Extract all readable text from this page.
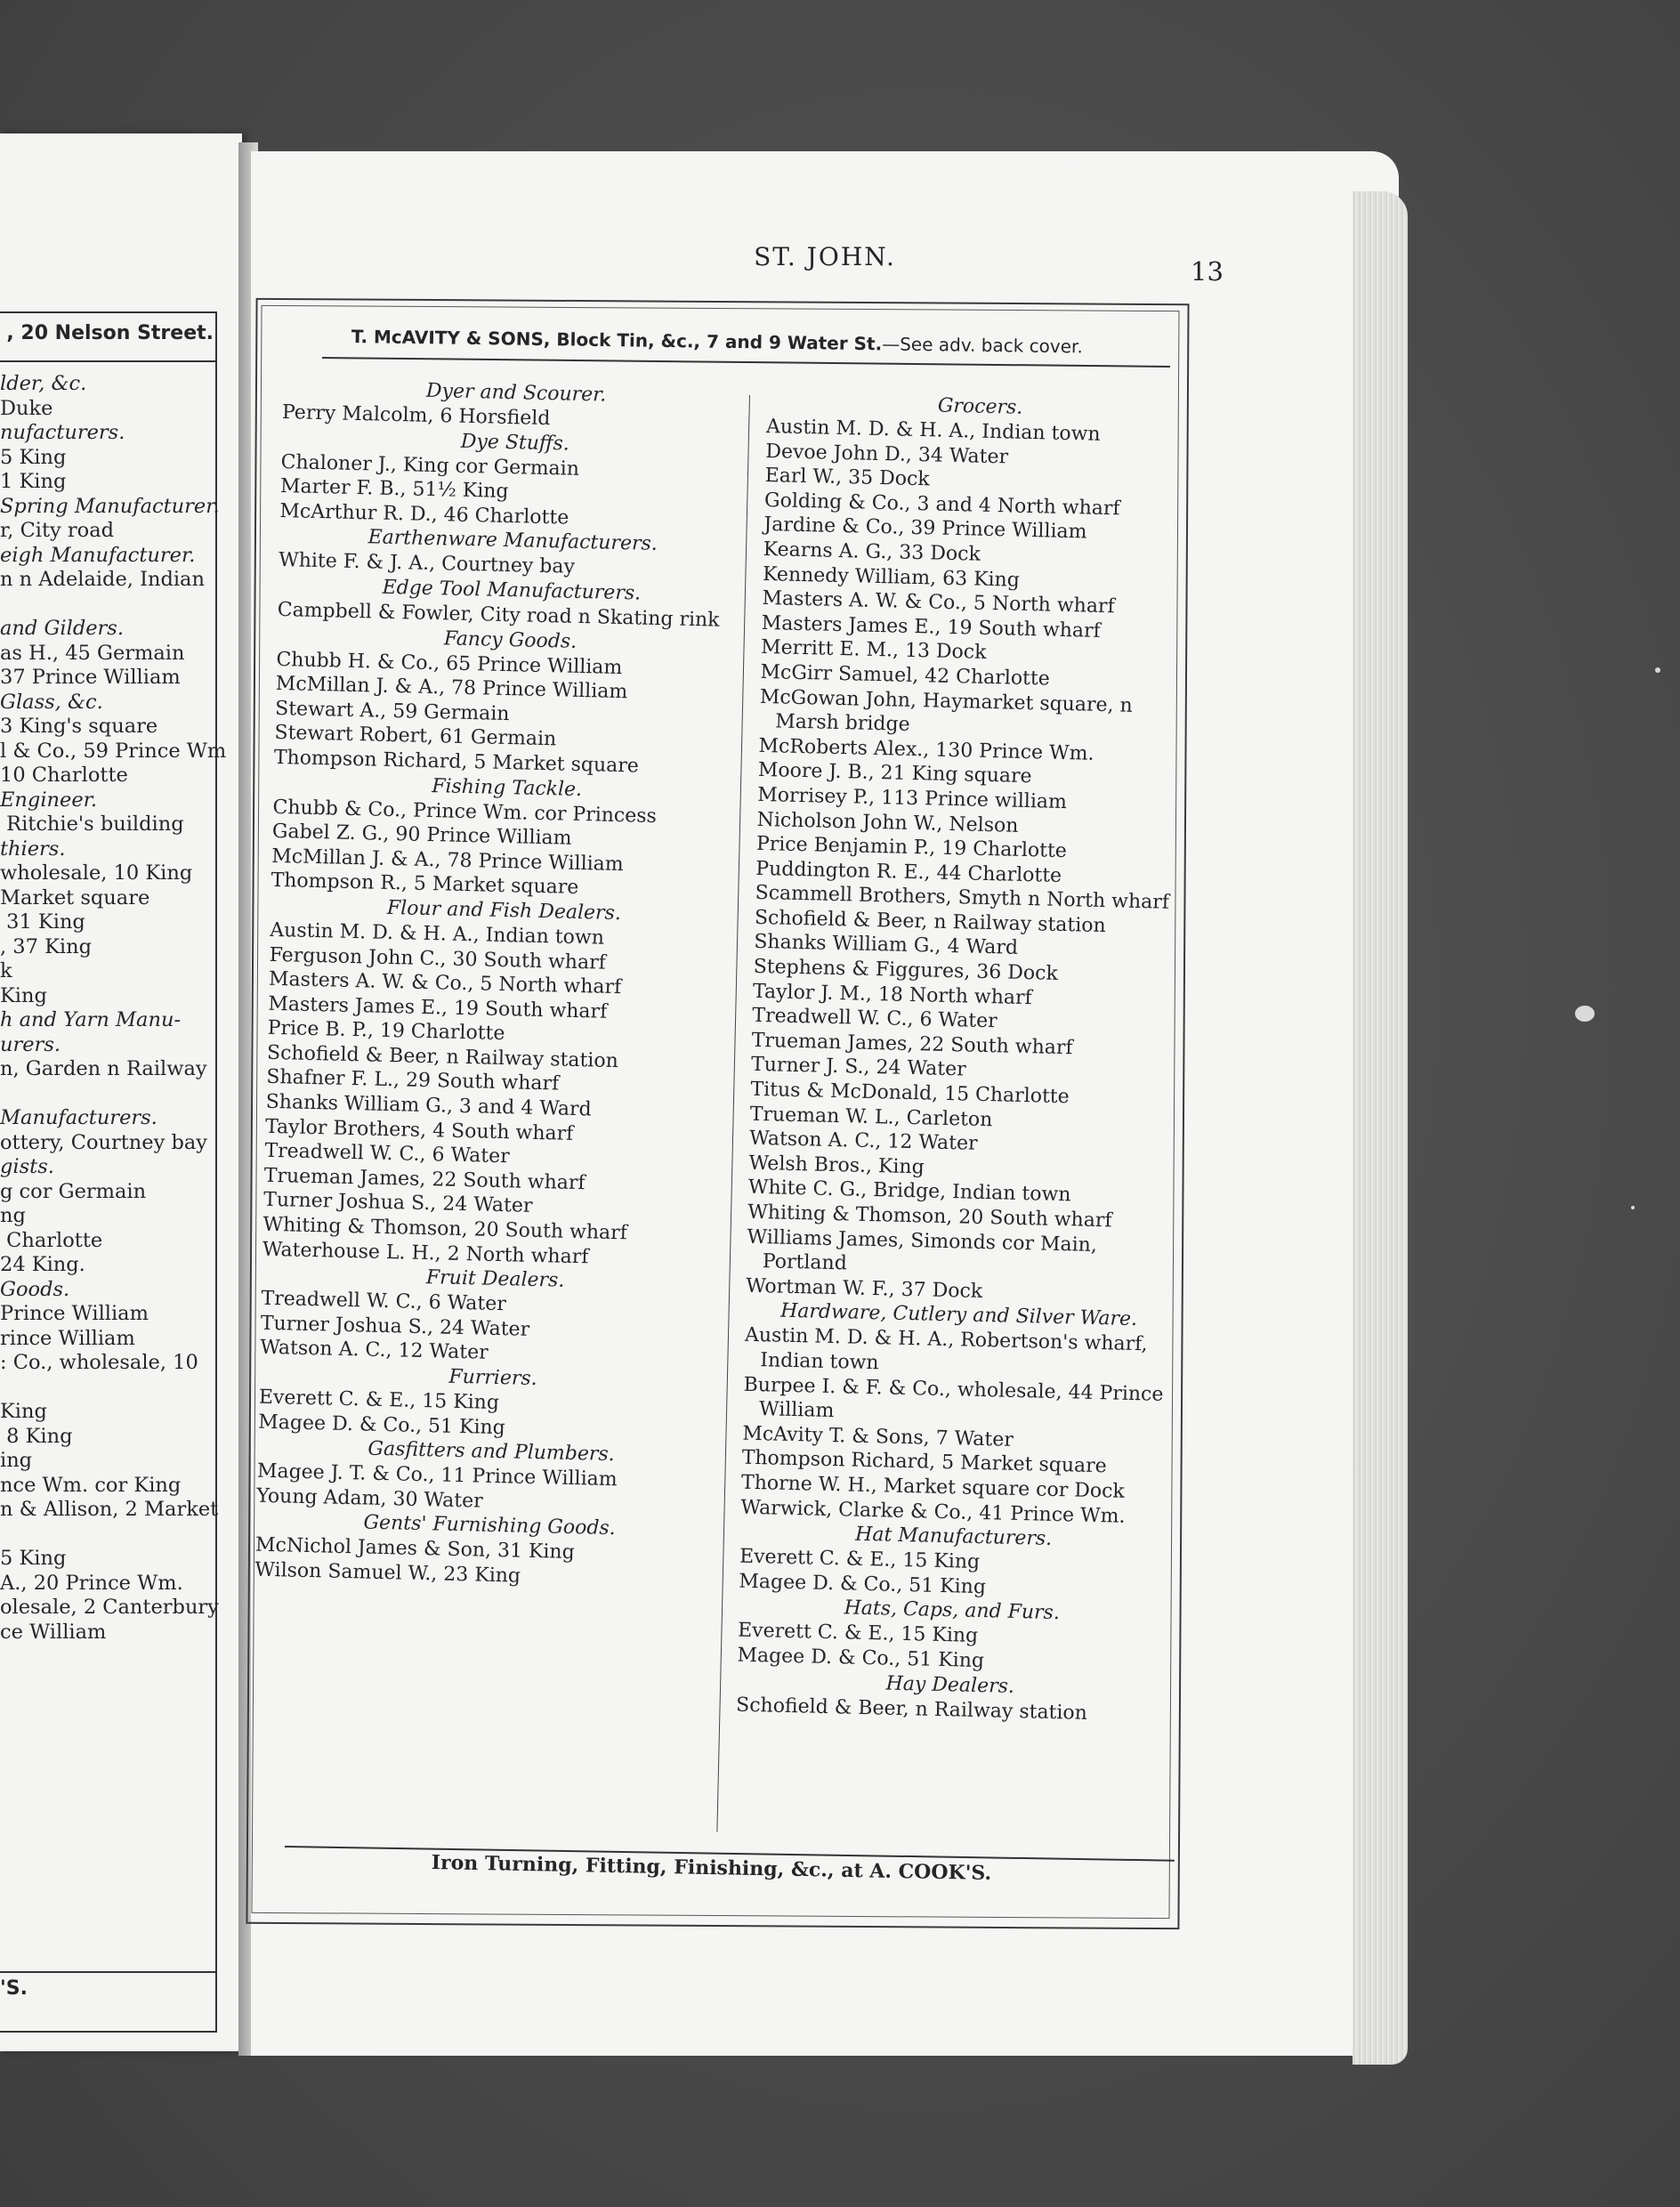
, 20 Nelson Street.
lder, &c.
Duke
nufacturers.
5 King
1 King
Spring Manufacturer.
r, City road
eigh Manufacturer.
n n Adelaide, Indian

and Gilders.
as H., 45 Germain
37 Prince William
Glass, &c.
3 King's square
l & Co., 59 Prince Wm
10 Charlotte
Engineer.
Ritchie's building
thiers.
wholesale, 10 King
Market square
31 King
, 37 King
k
King
h and Yarn Manu-
urers.
n, Garden n Railway

Manufacturers.
ottery, Courtney bay
gists.
g cor Germain
ng
Charlotte
24 King.
Goods.
Prince William
rince William
: Co., wholesale, 10

King
8 King
ing
nce Wm. cor King
n & Allison, 2 Market

5 King
A., 20 Prince Wm.
olesale, 2 Canterbury
ce William
'S.
ST. JOHN.	13
T. McAVITY & SONS, Block Tin, &c., 7 and 9 Water St.—See adv. back cover.
Dyer and Scourer.
Perry Malcolm, 6 Horsfield
Dye Stuffs.
Chaloner J., King cor Germain
Marter F. B., 51½ King
McArthur R. D., 46 Charlotte
Earthenware Manufacturers.
White F. & J. A., Courtney bay
Edge Tool Manufacturers.
Campbell & Fowler, City road n Skating rink
Fancy Goods.
Chubb H. & Co., 65 Prince William
McMillan J. & A., 78 Prince William
Stewart A., 59 Germain
Stewart Robert, 61 Germain
Thompson Richard, 5 Market square
Fishing Tackle.
Chubb & Co., Prince Wm. cor Princess
Gabel Z. G., 90 Prince William
McMillan J. & A., 78 Prince William
Thompson R., 5 Market square
Flour and Fish Dealers.
Austin M. D. & H. A., Indian town
Ferguson John C., 30 South wharf
Masters A. W. & Co., 5 North wharf
Masters James E., 19 South wharf
Price B. P., 19 Charlotte
Schofield & Beer, n Railway station
Shafner F. L., 29 South wharf
Shanks William G., 3 and 4 Ward
Taylor Brothers, 4 South wharf
Treadwell W. C., 6 Water
Trueman James, 22 South wharf
Turner Joshua S., 24 Water
Whiting & Thomson, 20 South wharf
Waterhouse L. H., 2 North wharf
Fruit Dealers.
Treadwell W. C., 6 Water
Turner Joshua S., 24 Water
Watson A. C., 12 Water
Furriers.
Everett C. & E., 15 King
Magee D. & Co., 51 King
Gasfitters and Plumbers.
Magee J. T. & Co., 11 Prince William
Young Adam, 30 Water
Gents' Furnishing Goods.
McNichol James & Son, 31 King
Wilson Samuel W., 23 King
Grocers.
Austin M. D. & H. A., Indian town
Devoe John D., 34 Water
Earl W., 35 Dock
Golding & Co., 3 and 4 North wharf
Jardine & Co., 39 Prince William
Kearns A. G., 33 Dock
Kennedy William, 63 King
Masters A. W. & Co., 5 North wharf
Masters James E., 19 South wharf
Merritt E. M., 13 Dock
McGirr Samuel, 42 Charlotte
McGowan John, Haymarket square, n Marsh bridge
McRoberts Alex., 130 Prince Wm.
Moore J. B., 21 King square
Morrisey P., 113 Prince william
Nicholson John W., Nelson
Price Benjamin P., 19 Charlotte
Puddington R. E., 44 Charlotte
Scammell Brothers, Smyth n North wharf
Schofield & Beer, n Railway station
Shanks William G., 4 Ward
Stephens & Figgures, 36 Dock
Taylor J. M., 18 North wharf
Treadwell W. C., 6 Water
Trueman James, 22 South wharf
Turner J. S., 24 Water
Titus & McDonald, 15 Charlotte
Trueman W. L., Carleton
Watson A. C., 12 Water
Welsh Bros., King
White C. G., Bridge, Indian town
Whiting & Thomson, 20 South wharf
Williams James, Simonds cor Main, Portland
Wortman W. F., 37 Dock
Hardware, Cutlery and Silver Ware.
Austin M. D. & H. A., Robertson's wharf, Indian town
Burpee I. & F. & Co., wholesale, 44 Prince William
McAvity T. & Sons, 7 Water
Thompson Richard, 5 Market square
Thorne W. H., Market square cor Dock
Warwick, Clarke & Co., 41 Prince Wm.
Hat Manufacturers.
Everett C. & E., 15 King
Magee D. & Co., 51 King
Hats, Caps, and Furs.
Everett C. & E., 15 King
Magee D. & Co., 51 King
Hay Dealers.
Schofield & Beer, n Railway station
Iron Turning, Fitting, Finishing, &c., at A. COOK'S.
